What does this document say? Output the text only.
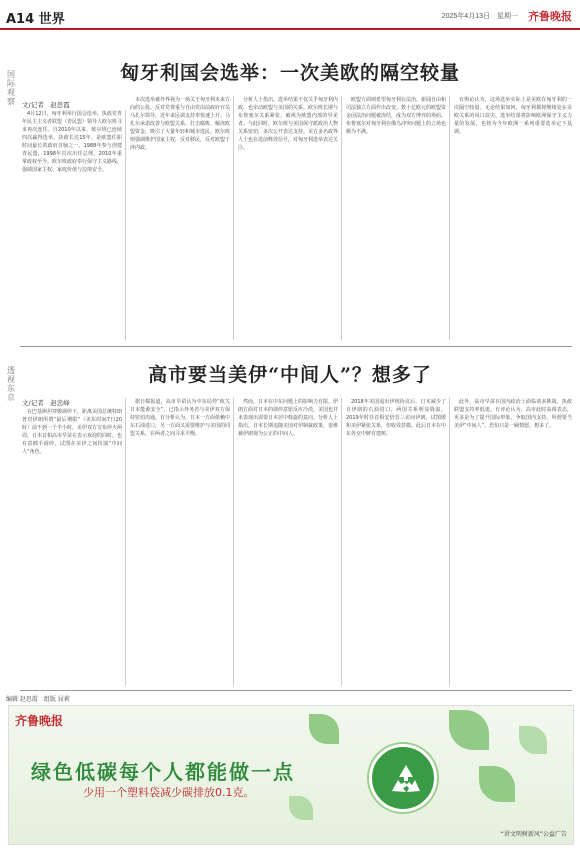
A14 世界	2025年4月13日　星期一 齐鲁晚报
国际观察
匈牙利国会选举：一次美欧的隔空较量
文/记者　赵思霞

4月12日，匈牙利举行国会选举。执政党青年民主主义者联盟（青民盟）领导人欧尔班寻求再次连任。自2010年以来，欧尔班已连续四次赢得选举，执政长达15年，是欧盟任职时间最长的政府首脑之一。1988年参与创建青民盟，1998年首次出任总理，2010年重掌政权至今。欧尔班政府奉行保守主义路线，强调国家主权、家庭价值与边境安全。

本次选举被外界视为一场关于匈牙利未来方向的公投。反对党尊重与自由党由前政府官员马扎尔领导，近年来民调支持率快速上升。马扎尔承诺改善与欧盟关系、打击腐败、解冻欧盟资金，吸引了大量年轻和城市选民。欧尔班则强调维护国家主权，反对移民，反对欧盟干涉内政。

分析人士指出，选举结果不仅关乎匈牙利内政，也牵动欧盟与美国的关系。欧尔班长期与布鲁塞尔关系紧张，被视为欧盟内部的异见者。与此同时，欧尔班与美国保守派政治人物关系密切，多次公开表达支持。美方多名政界人士也在选前释放信号，对匈牙利选举表达关注。

欧盟方面则希望匈牙利在法治、新闻自由和司法独立方面作出改变。数十亿欧元的欧盟资金因法治问题被冻结，成为双方博弈的筹码。布鲁塞尔对匈牙利在俄乌冲突问题上的立场也颇为不满。

有舆论认为，这场选举实际上是美欧在匈牙利的一次隔空较量。无论结果如何，匈牙利都将继续处在美欧关系的风口浪尖。选举结果将影响欧洲保守主义力量的发展，也将为今年欧洲一系列重要选举定下基调。

透视东京
高市要当美伊“中间人”？想多了
文/记者　赵忠峰

在巴基斯坦穿梭调停下，距离美国总统特朗普对伊朗所谓“最后期限”（美东时间7日20时）前不到一个半小时，美伊双方宣布停火两周。日本首相高市早苗在表示欢迎的同时，也有意插手调停，试图在美伊之间扮演“中间人”角色。

据日媒报道，高市早苗认为中东局势“攸关日本能源安全”，已指示外务省与美伊双方保持密切沟通。有分析认为，日本一方面依赖中东石油进口，另一方面又需要维护与美国的同盟关系，在两者之间寻求平衡。

然而，日本在中东问题上的影响力有限。伊朗方面对日本的调停意愿反应冷淡，美国也并未表现出需要日本居中斡旋的意向。分析人士指出，日本长期追随美国对伊制裁政策，很难被伊朗视为公正的中间人。

2018年美国退出伊核协议后，日本减少了自伊朗的石油进口，两国关系明显降温。2019年时任首相安倍晋三访问伊朗，试图缓和美伊紧张关系，但收效甚微。此后日本在中东外交中鲜有建树。

此外，高市早苗在国内政治上面临诸多挑战，执政联盟支持率低迷。有评论认为，高市此时高调表态，更多是为了提升国际形象、争取国内支持。所谓要当美伊“中间人”，恐怕只是一厢情愿，想多了。

编辑 赵思霞　组版 屈莉
齐鲁晚报
绿色低碳每个人都能做一点
少用一个塑料袋减少碳排放0.1克。
“讲文明树新风”公益广告
